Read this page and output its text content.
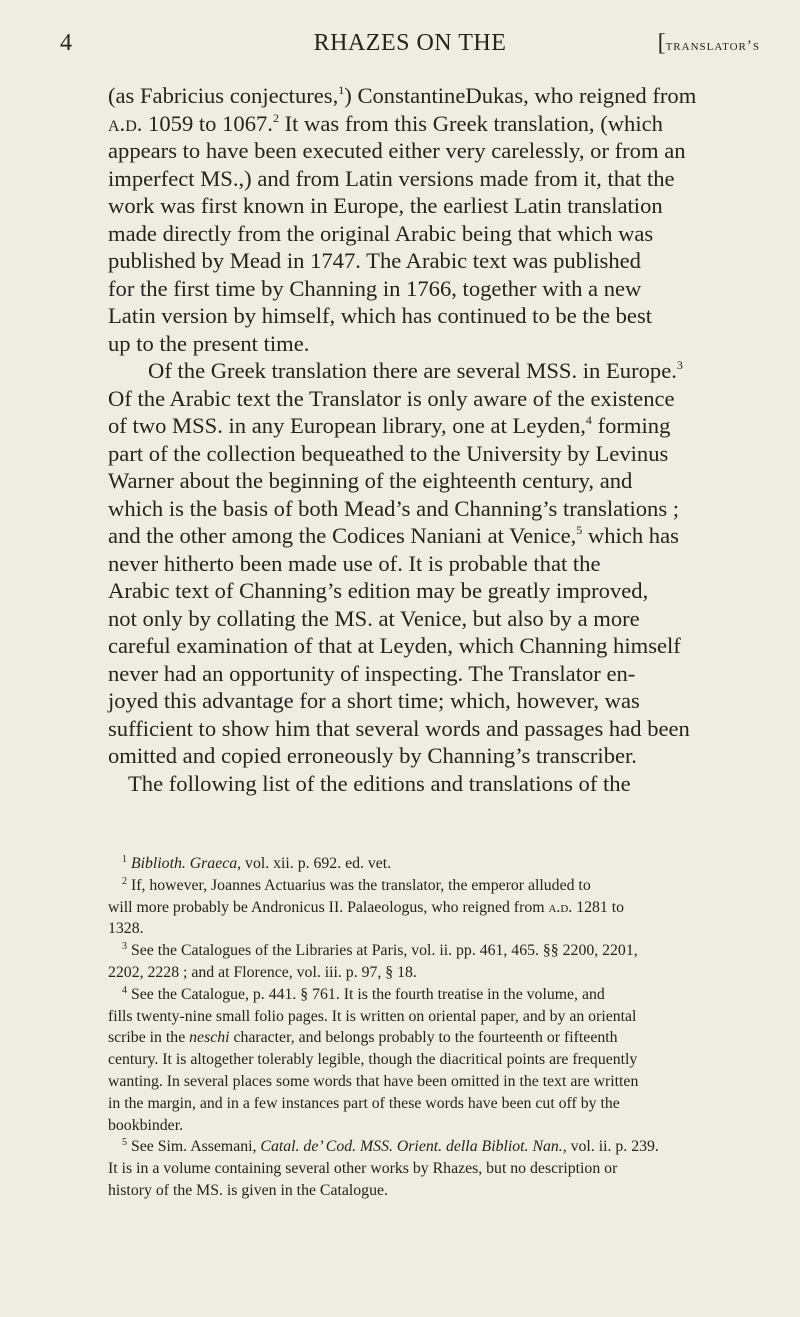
4	RHAZES ON THE	[translator’s

(as Fabricius conjectures,$^1$) ConstantineDukas, who reigned from
a.d. 1059 to 1067.$^2$ It was from this Greek translation, (which
appears to have been executed either very carelessly, or from an
imperfect MS.,) and from Latin versions made from it, that the
work was first known in Europe, the earliest Latin translation
made directly from the original Arabic being that which was
published by Mead in 1747. The Arabic text was published
for the first time by Channing in 1766, together with a new
Latin version by himself, which has continued to be the best
up to the present time.

Of the Greek translation there are several MSS. in Europe.$^3$
Of the Arabic text the Translator is only aware of the existence
of two MSS. in any European library, one at Leyden,$^4$ forming
part of the collection bequeathed to the University by Levinus
Warner about the beginning of the eighteenth century, and
which is the basis of both Mead’s and Channing’s translations ;
and the other among the Codices Naniani at Venice,$^5$ which has
never hitherto been made use of. It is probable that the
Arabic text of Channing’s edition may be greatly improved,
not only by collating the MS. at Venice, but also by a more
careful examination of that at Leyden, which Channing himself
never had an opportunity of inspecting. The Translator en-
joyed this advantage for a short time; which, however, was
sufficient to show him that several words and passages had been
omitted and copied erroneously by Channing’s transcriber.

The following list of the editions and translations of the

$^1$ Biblioth. Graeca, vol. xii. p. 692. ed. vet.
$^2$ If, however, Joannes Actuarius was the translator, the emperor alluded to
will more probably be Andronicus II. Palaeologus, who reigned from a.d. 1281 to
1328.
$^3$ See the Catalogues of the Libraries at Paris, vol. ii. pp. 461, 465. §§ 2200, 2201,
2202, 2228 ; and at Florence, vol. iii. p. 97, § 18.
$^4$ See the Catalogue, p. 441. § 761. It is the fourth treatise in the volume, and
fills twenty-nine small folio pages. It is written on oriental paper, and by an oriental
scribe in the neschi character, and belongs probably to the fourteenth or fifteenth
century. It is altogether tolerably legible, though the diacritical points are frequently
wanting. In several places some words that have been omitted in the text are written
in the margin, and in a few instances part of these words have been cut off by the
bookbinder.
$^5$ See Sim. Assemani, Catal. de’ Cod. MSS. Orient. della Bibliot. Nan., vol. ii. p. 239.
It is in a volume containing several other works by Rhazes, but no description or
history of the MS. is given in the Catalogue.
